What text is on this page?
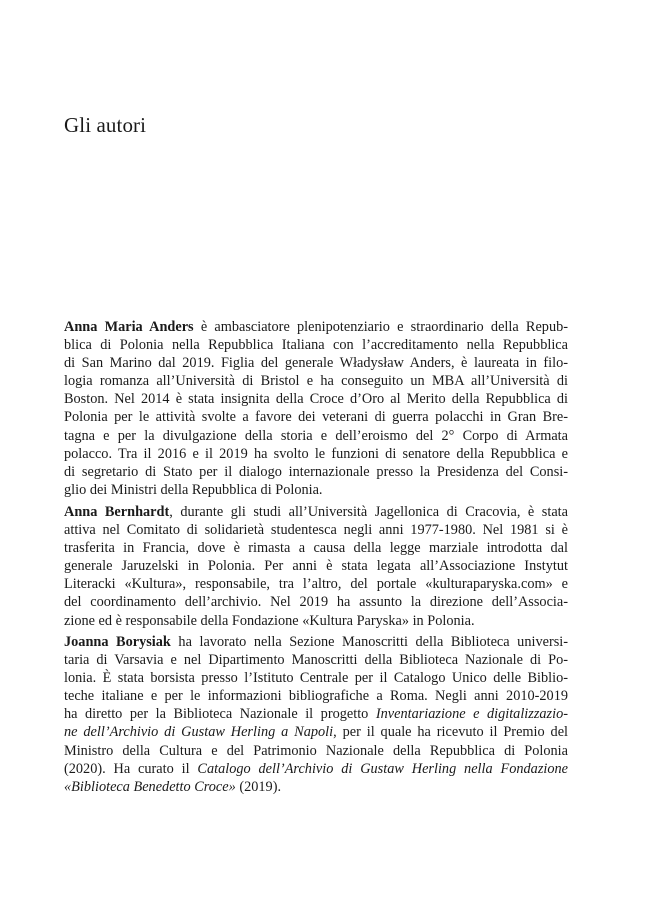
Gli autori
Anna Maria Anders è ambasciatore plenipotenziario e straordinario della Repub-
blica di Polonia nella Repubblica Italiana con l’accreditamento nella Repubblica
di San Marino dal 2019. Figlia del generale Władysław Anders, è laureata in filo-
logia romanza all’Università di Bristol e ha conseguito un MBA all’Università di
Boston. Nel 2014 è stata insignita della Croce d’Oro al Merito della Repubblica di
Polonia per le attività svolte a favore dei veterani di guerra polacchi in Gran Bre-
tagna e per la divulgazione della storia e dell’eroismo del 2° Corpo di Armata
polacco. Tra il 2016 e il 2019 ha svolto le funzioni di senatore della Repubblica e
di segretario di Stato per il dialogo internazionale presso la Presidenza del Consi-
glio dei Ministri della Repubblica di Polonia.
Anna Bernhardt, durante gli studi all’Università Jagellonica di Cracovia, è stata
attiva nel Comitato di solidarietà studentesca negli anni 1977-1980. Nel 1981 si è
trasferita in Francia, dove è rimasta a causa della legge marziale introdotta dal
generale Jaruzelski in Polonia. Per anni è stata legata all’Associazione Instytut
Literacki «Kultura», responsabile, tra l’altro, del portale «kulturaparyska.com» e
del coordinamento dell’archivio. Nel 2019 ha assunto la direzione dell’Associa-
zione ed è responsabile della Fondazione «Kultura Paryska» in Polonia.
Joanna Borysiak ha lavorato nella Sezione Manoscritti della Biblioteca universi-
taria di Varsavia e nel Dipartimento Manoscritti della Biblioteca Nazionale di Po-
lonia. È stata borsista presso l’Istituto Centrale per il Catalogo Unico delle Biblio-
teche italiane e per le informazioni bibliografiche a Roma. Negli anni 2010-2019
ha diretto per la Biblioteca Nazionale il progetto Inventariazione e digitalizzazio-
ne dell’Archivio di Gustaw Herling a Napoli, per il quale ha ricevuto il Premio del
Ministro della Cultura e del Patrimonio Nazionale della Repubblica di Polonia
(2020). Ha curato il Catalogo dell’Archivio di Gustaw Herling nella Fondazione
«Biblioteca Benedetto Croce» (2019).
